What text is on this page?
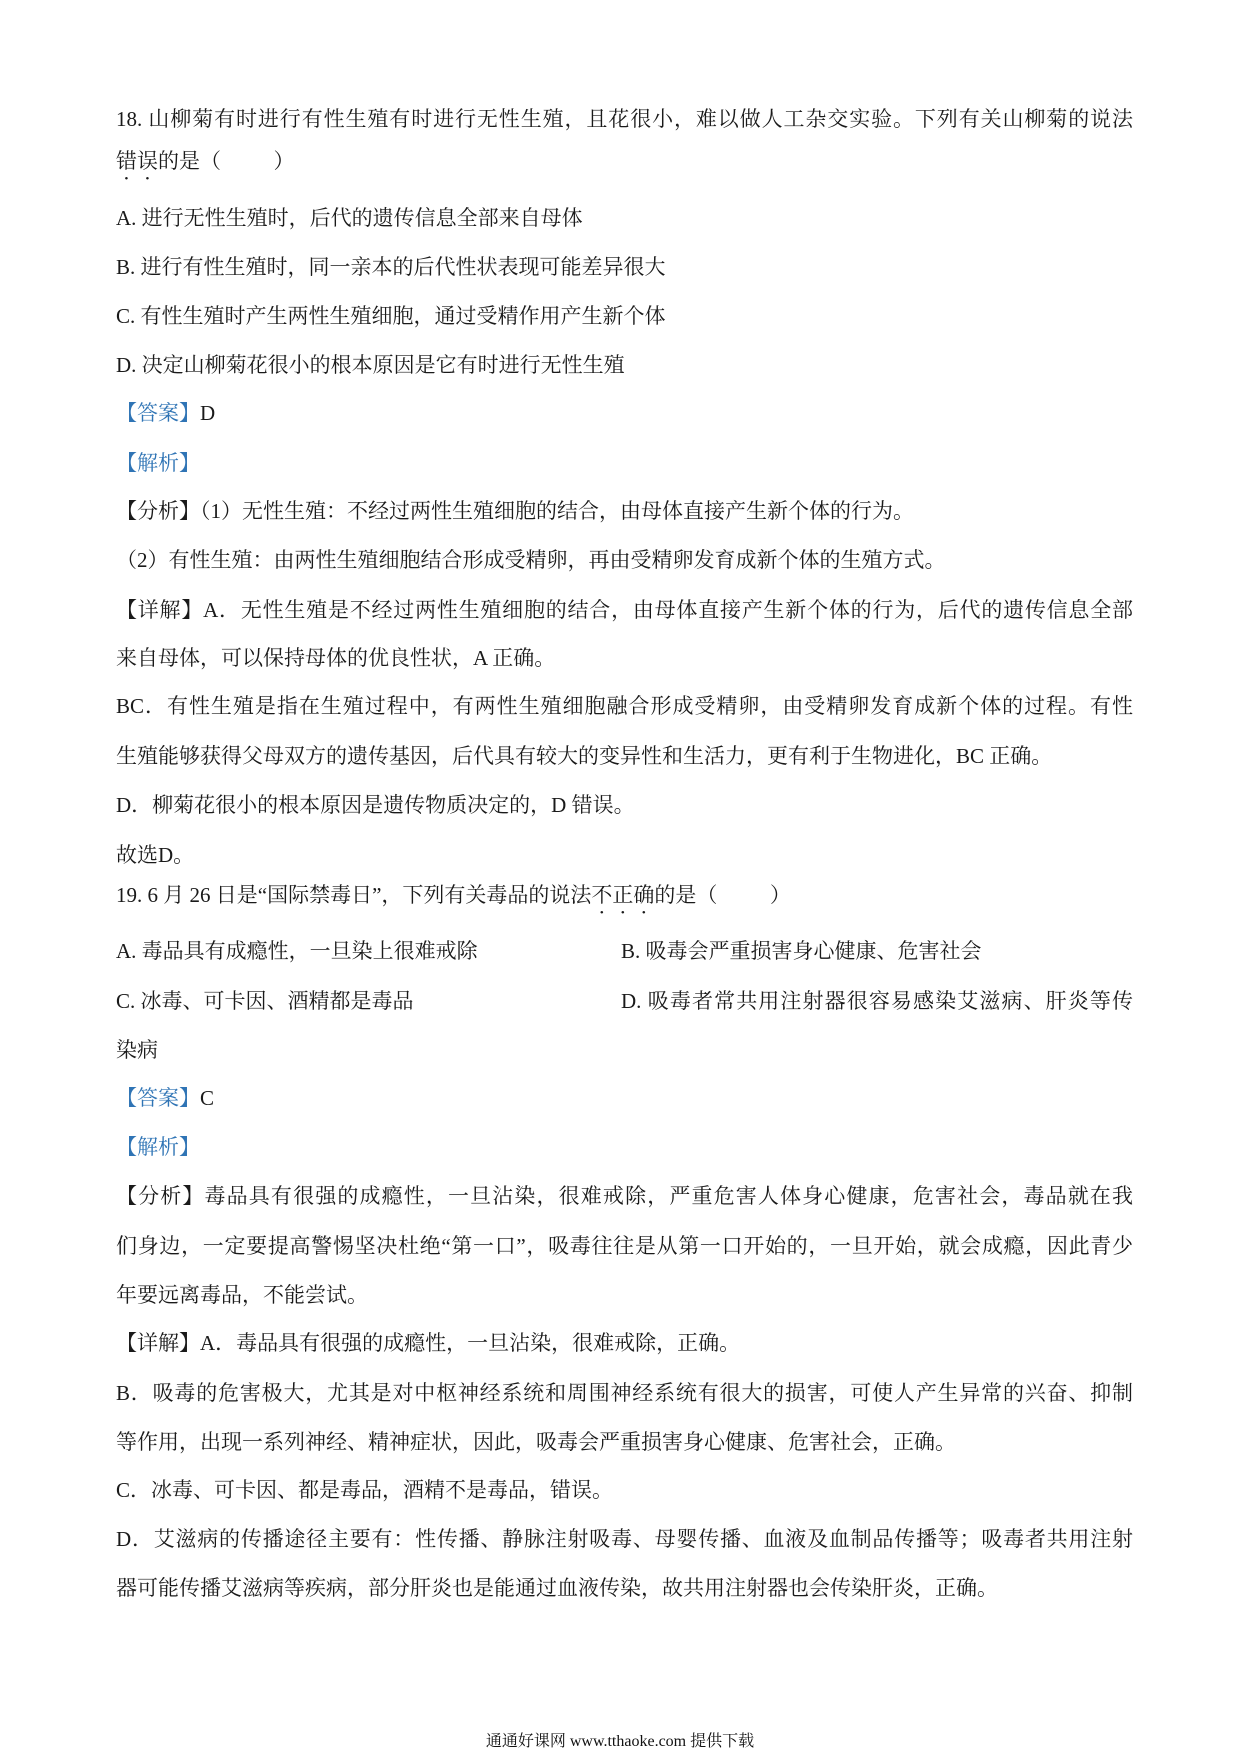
18. 山柳菊有时进行有性生殖有时进行无性生殖，且花很小，难以做人工杂交实验。下列有关山柳菊的说法
错误的是（          ）
A. 进行无性生殖时，后代的遗传信息全部来自母体
B. 进行有性生殖时，同一亲本的后代性状表现可能差异很大
C. 有性生殖时产生两性生殖细胞，通过受精作用产生新个体
D. 决定山柳菊花很小的根本原因是它有时进行无性生殖
【答案】D
【解析】
【分析】（1）无性生殖：不经过两性生殖细胞的结合，由母体直接产生新个体的行为。
（2）有性生殖：由两性生殖细胞结合形成受精卵，再由受精卵发育成新个体的生殖方式。
【详解】A．无性生殖是不经过两性生殖细胞的结合，由母体直接产生新个体的行为，后代的遗传信息全部
来自母体，可以保持母体的优良性状，A 正确。
BC．有性生殖是指在生殖过程中，有两性生殖细胞融合形成受精卵，由受精卵发育成新个体的过程。有性
生殖能够获得父母双方的遗传基因，后代具有较大的变异性和生活力，更有利于生物进化，BC 正确。
D．柳菊花很小的根本原因是遗传物质决定的，D 错误。
故选D。
19. 6 月 26 日是“国际禁毒日”，下列有关毒品的说法不正确的是（          ）
A. 毒品具有成瘾性，一旦染上很难戒除	B. 吸毒会严重损害身心健康、危害社会
C. 冰毒、可卡因、酒精都是毒品	D. 吸毒者常共用注射器很容易感染艾滋病、肝炎等传
染病
【答案】C
【解析】
【分析】毒品具有很强的成瘾性，一旦沾染，很难戒除，严重危害人体身心健康，危害社会，毒品就在我
们身边，一定要提高警惕坚决杜绝“第一口”，吸毒往往是从第一口开始的，一旦开始，就会成瘾，因此青少
年要远离毒品，不能尝试。
【详解】A．毒品具有很强的成瘾性，一旦沾染，很难戒除，正确。
B．吸毒的危害极大，尤其是对中枢神经系统和周围神经系统有很大的损害，可使人产生异常的兴奋、抑制
等作用，出现一系列神经、精神症状，因此，吸毒会严重损害身心健康、危害社会，正确。
C．冰毒、可卡因、都是毒品，酒精不是毒品，错误。
D．艾滋病的传播途径主要有：性传播、静脉注射吸毒、母婴传播、血液及血制品传播等；吸毒者共用注射
器可能传播艾滋病等疾病，部分肝炎也是能通过血液传染，故共用注射器也会传染肝炎，正确。
通通好课网 www.tthaoke.com 提供下载
